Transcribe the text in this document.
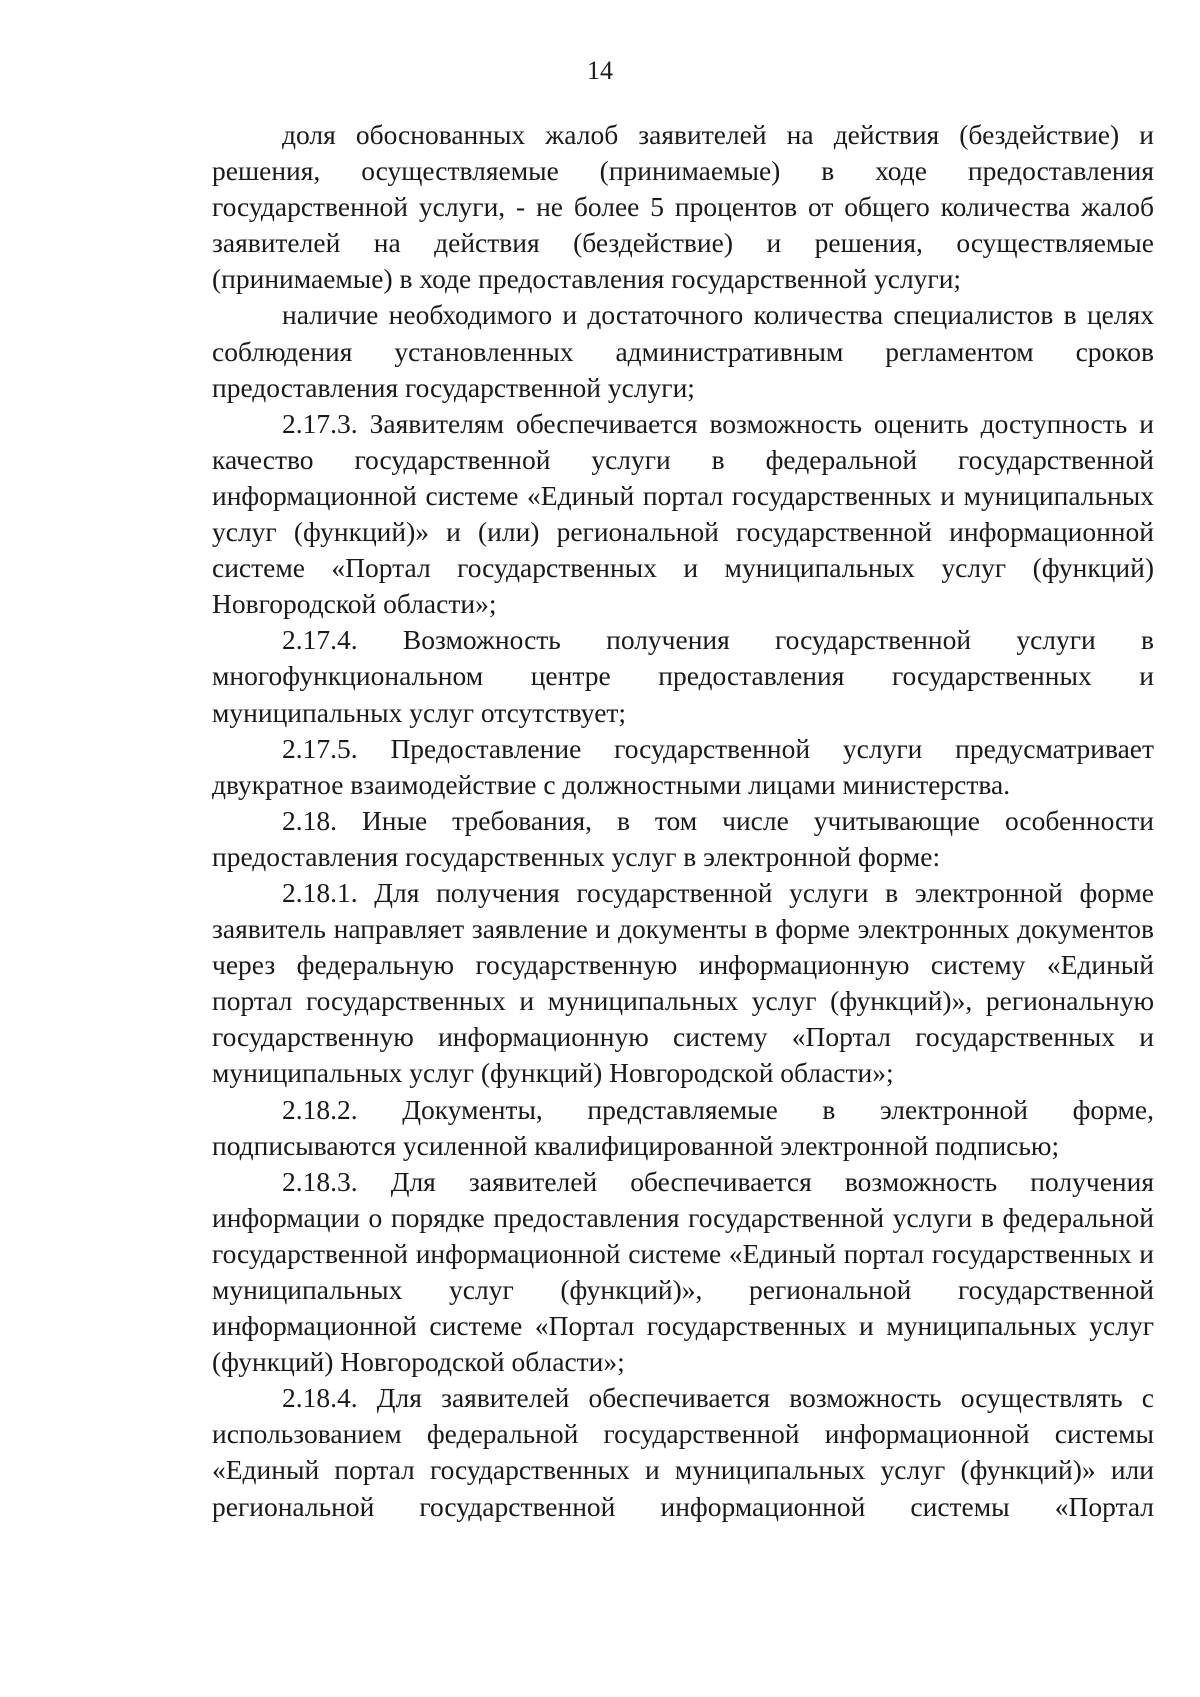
14

доля обоснованных жалоб заявителей на действия (бездействие) и решения, осуществляемые (принимаемые) в ходе предоставления государственной услуги, - не более 5 процентов от общего количества жалоб заявителей на действия (бездействие) и решения, осуществляемые (принимаемые) в ходе предоставления государственной услуги;

наличие необходимого и достаточного количества специалистов в целях соблюдения установленных административным регламентом сроков предоставления государственной услуги;

2.17.3. Заявителям обеспечивается возможность оценить доступность и качество государственной услуги в федеральной государственной информационной системе «Единый портал государственных и муниципальных услуг (функций)» и (или) региональной государственной информационной системе «Портал государственных и муниципальных услуг (функций) Новгородской области»;

2.17.4. Возможность получения государственной услуги в многофункциональном центре предоставления государственных и муниципальных услуг отсутствует;

2.17.5. Предоставление государственной услуги предусматривает двукратное взаимодействие с должностными лицами министерства.

2.18. Иные требования, в том числе учитывающие особенности предоставления государственных услуг в электронной форме:

2.18.1. Для получения государственной услуги в электронной форме заявитель направляет заявление и документы в форме электронных документов через федеральную государственную информационную систему «Единый портал государственных и муниципальных услуг (функций)», региональную государственную информационную систему «Портал государственных и муниципальных услуг (функций) Новгородской области»;

2.18.2. Документы, представляемые в электронной форме, подписываются усиленной квалифицированной электронной подписью;

2.18.3. Для заявителей обеспечивается возможность получения информации о порядке предоставления государственной услуги в федеральной государственной информационной системе «Единый портал государственных и муниципальных услуг (функций)», региональной государственной информационной системе «Портал государственных и муниципальных услуг (функций) Новгородской области»;

2.18.4. Для заявителей обеспечивается возможность осуществлять с использованием федеральной государственной информационной системы «Единый портал государственных и муниципальных услуг (функций)» или региональной государственной информационной системы «Портал
